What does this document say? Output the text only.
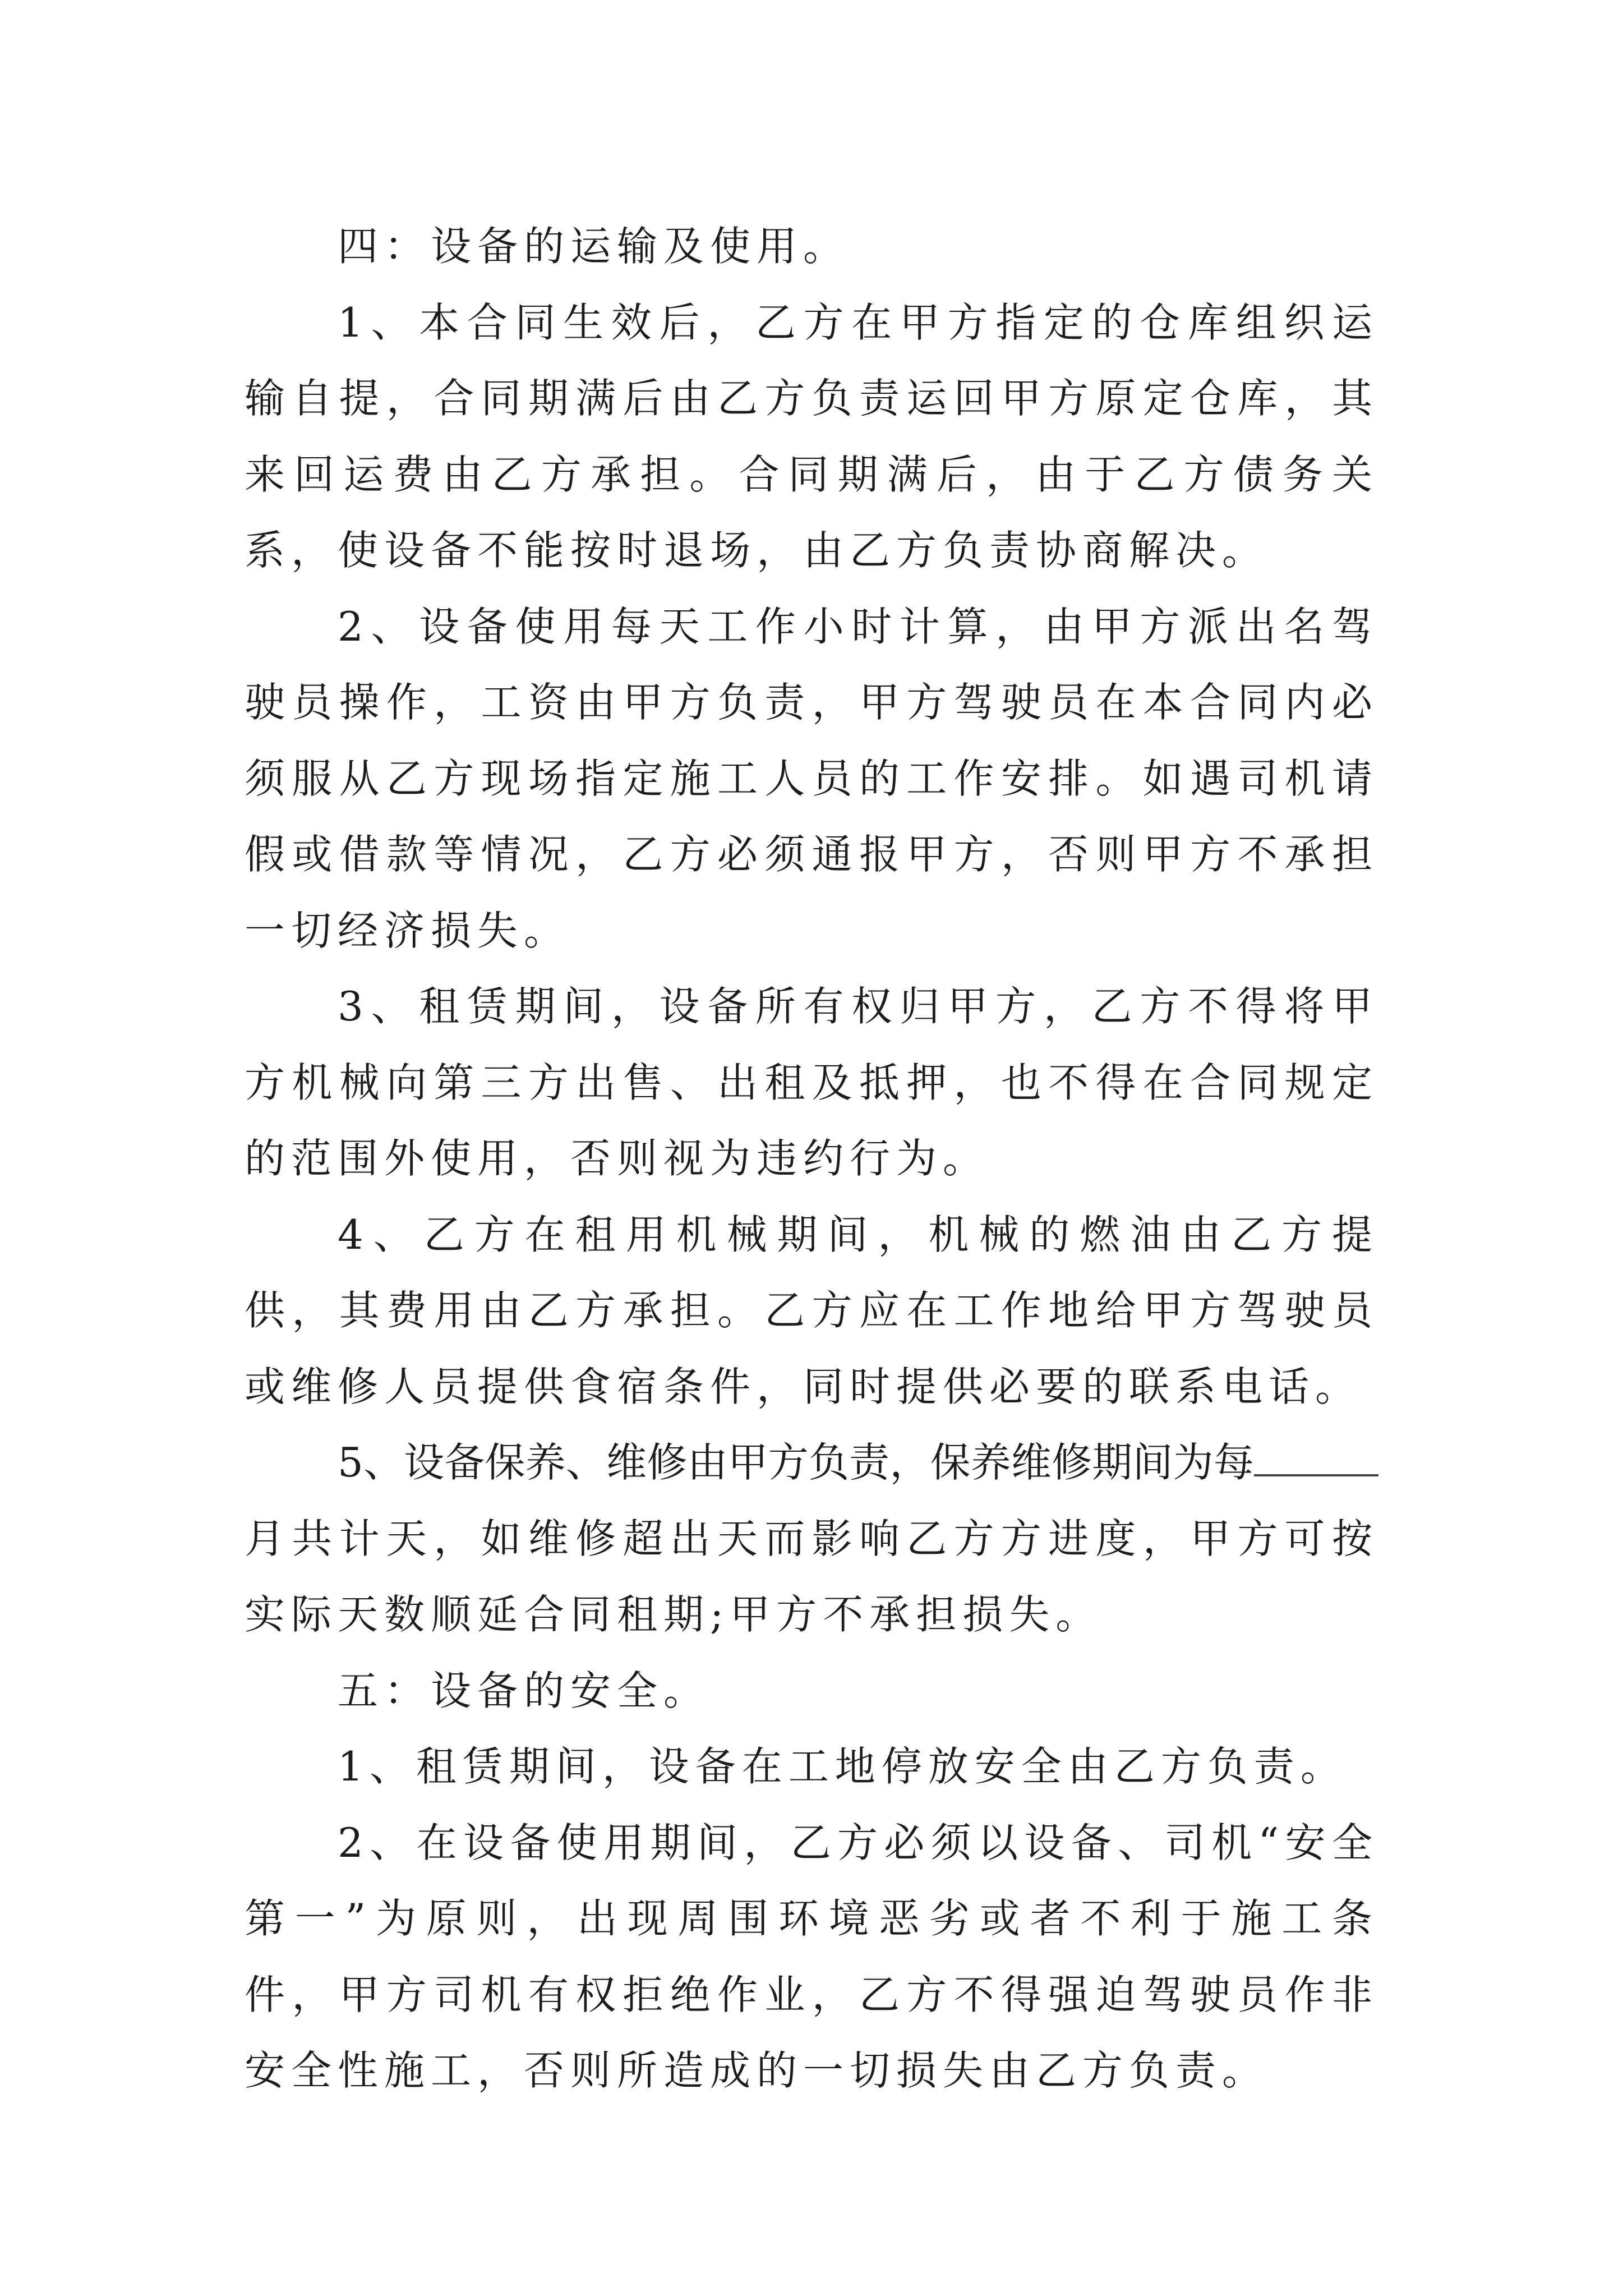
四：设备的运输及使用。

1、本合同生效后，乙方在甲方指定的仓库组织运输自提，合同期满后由乙方负责运回甲方原定仓库，其来回运费由乙方承担。合同期满后，由于乙方债务关系，使设备不能按时退场，由乙方负责协商解决。

2、设备使用每天工作小时计算，由甲方派出名驾驶员操作，工资由甲方负责，甲方驾驶员在本合同内必须服从乙方现场指定施工人员的工作安排。如遇司机请假或借款等情况，乙方必须通报甲方，否则甲方不承担一切经济损失。

3、租赁期间，设备所有权归甲方，乙方不得将甲方机械向第三方出售、出租及抵押，也不得在合同规定的范围外使用，否则视为违约行为。

4、乙方在租用机械期间，机械的燃油由乙方提供，其费用由乙方承担。乙方应在工作地给甲方驾驶员或维修人员提供食宿条件，同时提供必要的联系电话。

5、设备保养、维修由甲方负责，保养维修期间为每月共计天，如维修超出天而影响乙方方进度，甲方可按实际天数顺延合同租期;甲方不承担损失。

五：设备的安全。

1、租赁期间，设备在工地停放安全由乙方负责。

2、在设备使用期间，乙方必须以设备、司机“安全第一”为原则，出现周围环境恶劣或者不利于施工条件，甲方司机有权拒绝作业，乙方不得强迫驾驶员作非安全性施工，否则所造成的一切损失由乙方负责。
